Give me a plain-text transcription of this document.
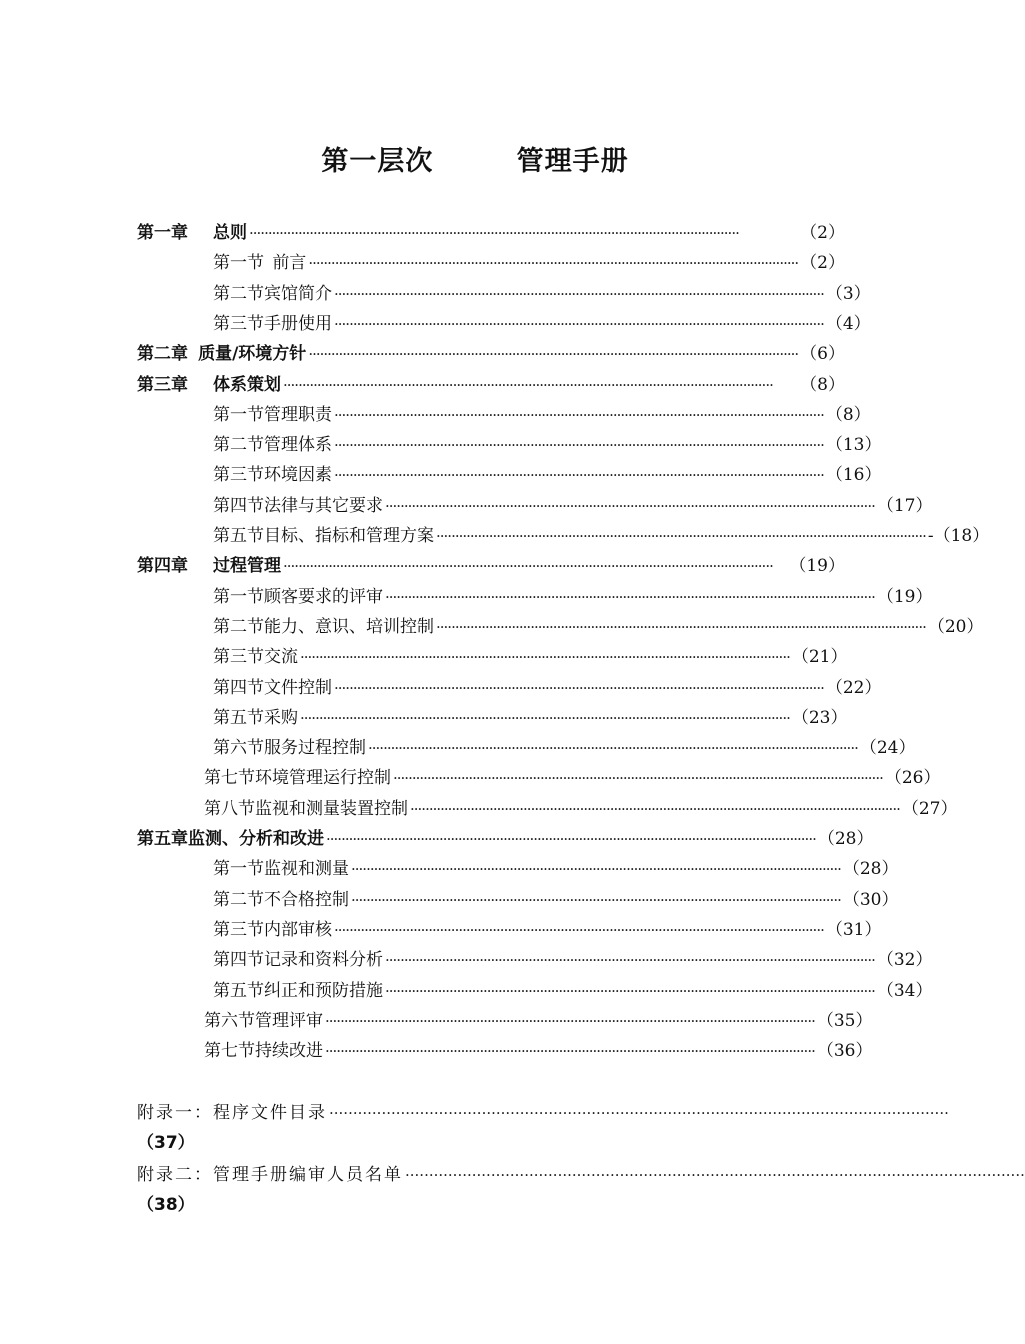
第一层次        管理手册
第一章	总则 ··································································································································	（2）
第一节 前言 ·································································································································· （2）
第二节 宾馆简介 ·································································································································· （3）
第三节 手册使用 ·································································································································· （4）
第二章 质量/环境方针 ·································································································································· （6）
第三章	体系策划 ··································································································································	（8）
第一节 管理职责 ·································································································································· （8）
第二节 管理体系 ·································································································································· （13）
第三节 环境因素 ·································································································································· （16）
第四节 法律与其它要求 ·································································································································· （17）
第五节 目标、指标和管理方案 ·································································································································· -（18）
第四章	过程管理 ·································································································································· （19）
第一节 顾客要求的评审 ·································································································································· （19）
第二节 能力、意识、培训控制 ·································································································································· （20）
第三节 交流 ·································································································································· （21）
第四节 文件控制 ·································································································································· （22）
第五节 采购 ·································································································································· （23）
第六节 服务过程控制 ·································································································································· （24）
第七节 环境管理运行控制 ·································································································································· （26）
第八节 监视和测量装置控制 ·································································································································· （27）
第五章 监测、分析和改进 ·································································································································· （28）
第一节 监视和测量 ·································································································································· （28）
第二节 不合格控制 ·································································································································· （30）
第三节 内部审核 ·································································································································· （31）
第四节 记录和资料分析 ·································································································································· （32）
第五节 纠正和预防措施 ·································································································································· （34）
第六节 管理评审 ·································································································································· （35）
第七节 持续改进 ·································································································································· （36）
附录一：程序文件目录 ··································································································································
（37）
附录二：管理手册编审人员名单 ··································································································································
（38）
